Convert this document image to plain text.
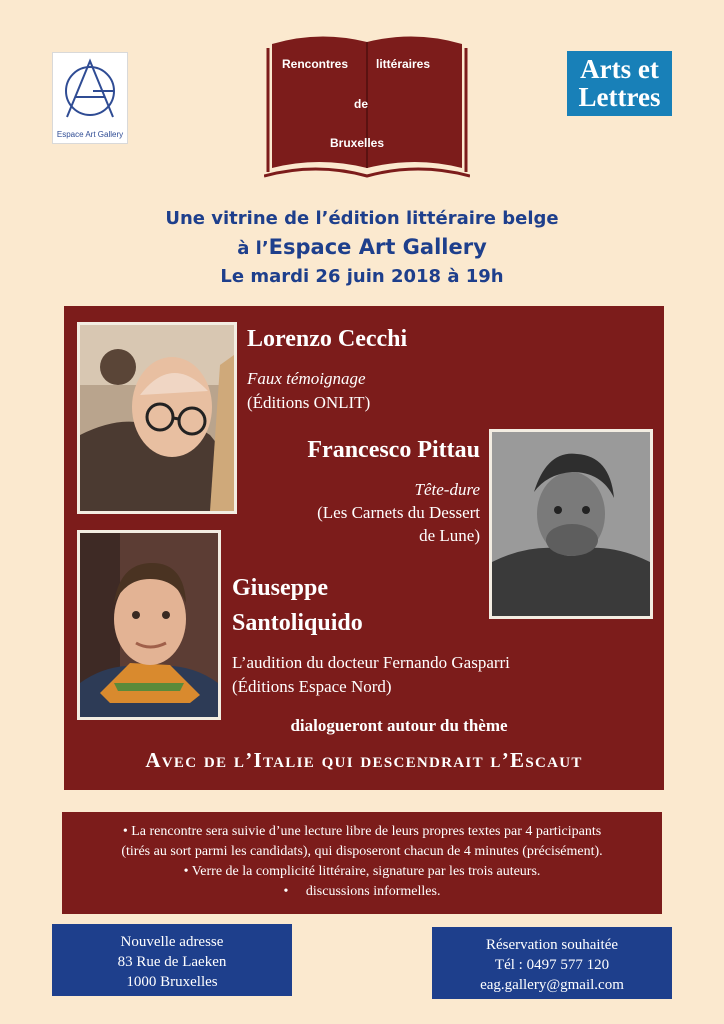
Espace Art Gallery
Rencontres littéraires
de
Bruxelles
Arts et
Lettres
Une vitrine de l’édition littéraire belge
à l’Espace Art Gallery
Le mardi 26 juin 2018 à 19h
Lorenzo Cecchi
Faux témoignage
(Éditions ONLIT)
Francesco Pittau
Tête-dure
(Les Carnets du Dessert
de Lune)
Giuseppe
Santoliquido
L’audition du docteur Fernando Gasparri
(Éditions Espace Nord)
dialogueront autour du thème
Avec de l’Italie qui descendrait l’Escaut
• La rencontre sera suivie d’une lecture libre de leurs propres textes par 4 participants
(tirés au sort parmi les candidats), qui disposeront chacun de 4 minutes (précisément).
• Verre de la complicité littéraire, signature par les trois auteurs.
•     discussions informelles.
Nouvelle adresse
83 Rue de Laeken
1000 Bruxelles
Réservation souhaitée
Tél : 0497 577 120
eag.gallery@gmail.com
